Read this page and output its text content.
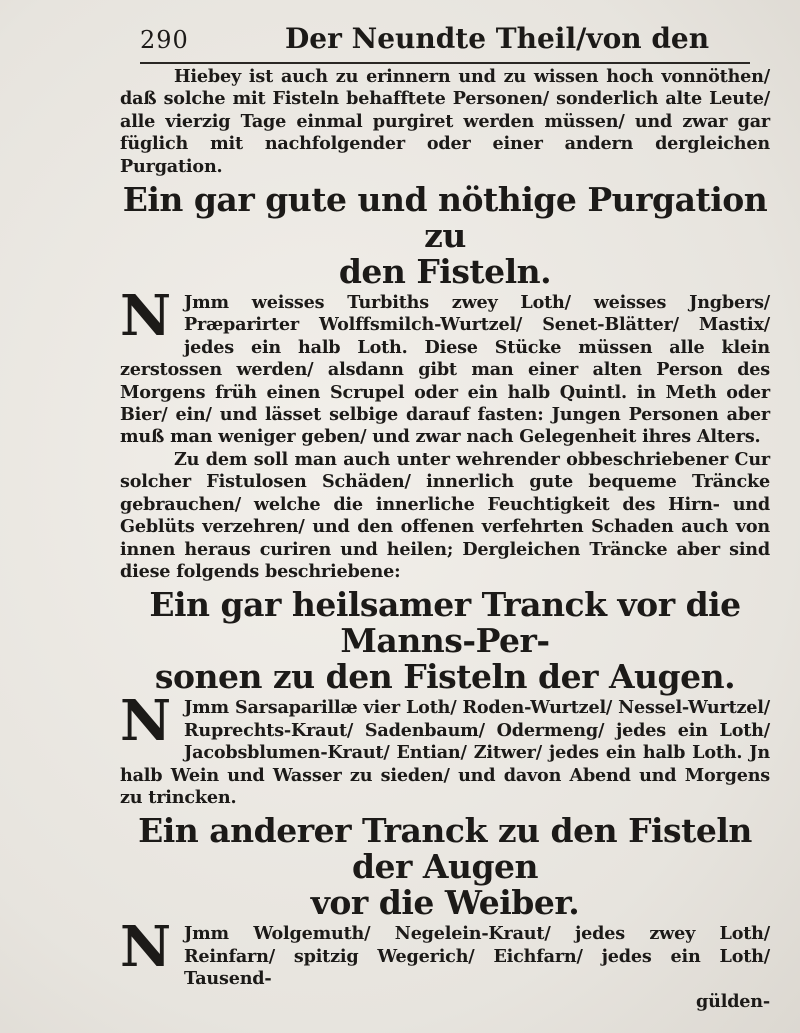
290	Der Neundte Theil/von den

Hiebey ist auch zu erinnern und zu wissen hoch vonnöthen/ daß solche mit Fisteln behafftete Personen/ sonderlich alte Leute/ alle vierzig Tage einmal purgiret werden müssen/ und zwar gar füglich mit nachfolgender oder einer andern dergleichen Purgation.

Ein gar gute und nöthige Purgation zu
den Fisteln.
N Jmm weisses Turbiths zwey Loth/ weisses Jngbers/ Præparirter Wolffsmilch-Wurtzel/ Senet-Blätter/ Mastix/ jedes ein halb Loth. Diese Stücke müssen alle klein zerstossen werden/ alsdann gibt man einer alten Person des Morgens früh einen Scrupel oder ein halb Quintl. in Meth oder Bier/ ein/ und lässet selbige darauf fasten: Jungen Personen aber muß man weniger geben/ und zwar nach Gelegenheit ihres Alters.

Zu dem soll man auch unter wehrender obbeschriebener Cur solcher Fistulosen Schäden/ innerlich gute bequeme Träncke gebrauchen/ welche die innerliche Feuchtigkeit des Hirn- und Geblüts verzehren/ und den offenen verfehrten Schaden auch von innen heraus curiren und heilen; Dergleichen Träncke aber sind diese folgends beschriebene:

Ein gar heilsamer Tranck vor die Manns-Per-
sonen zu den Fisteln der Augen.
N Jmm Sarsaparillæ vier Loth/ Roden-Wurtzel/ Nessel-Wurtzel/ Ruprechts-Kraut/ Sadenbaum/ Odermeng/ jedes ein Loth/ Jacobsblumen-Kraut/ Entian/ Zitwer/ jedes ein halb Loth. Jn halb Wein und Wasser zu sieden/ und davon Abend und Morgens zu trincken.

Ein anderer Tranck zu den Fisteln der Augen
vor die Weiber.
N Jmm Wolgemuth/ Negelein-Kraut/ jedes zwey Loth/ Reinfarn/ spitzig Wegerich/ Eichfarn/ jedes ein Loth/ Tausend-

gülden-
